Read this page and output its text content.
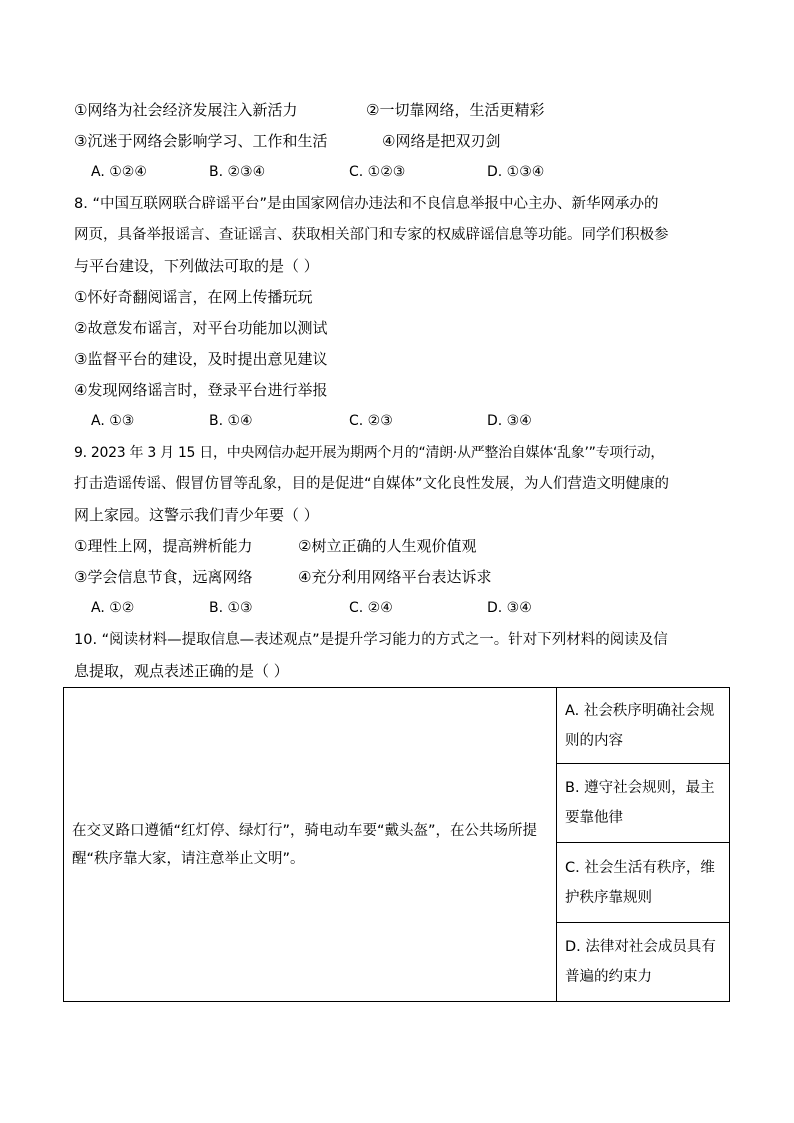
①网络为社会经济发展注入新活力	②一切靠网络，生活更精彩
③沉迷于网络会影响学习、工作和生活	④网络是把双刃剑
A. ①②④	B. ②③④	C. ①②③	D. ①③④
8. “中国互联网联合辟谣平台”是由国家网信办违法和不良信息举报中心主办、新华网承办的
网页，具备举报谣言、查证谣言、获取相关部门和专家的权威辟谣信息等功能。同学们积极参
与平台建设，下列做法可取的是（ ）
①怀好奇翻阅谣言，在网上传播玩玩
②故意发布谣言，对平台功能加以测试
③监督平台的建设，及时提出意见建议
④发现网络谣言时，登录平台进行举报
A. ①③	B. ①④	C. ②③	D. ③④
9. 2023 年 3 月 15 日，中央网信办起开展为期两个月的“清朗·从严整治自媒体‘乱象’”专项行动，
打击造谣传谣、假冒仿冒等乱象，目的是促进“自媒体”文化良性发展，为人们营造文明健康的
网上家园。这警示我们青少年要（ ）
①理性上网，提高辨析能力	②树立正确的人生观价值观
③学会信息节食，远离网络	④充分利用网络平台表达诉求
A. ①②	B. ①③	C. ②④	D. ③④
10. “阅读材料—提取信息—表述观点”是提升学习能力的方式之一。针对下列材料的阅读及信
息提取，观点表述正确的是（ ）
在交叉路口遵循“红灯停、绿灯行”，骑电动车要“戴头盔”，在公共场所提醒“秩序靠大家，请注意举止文明”。	A. 社会秩序明确社会规则的内容
B. 遵守社会规则，最主要靠他律
C. 社会生活有秩序，维护秩序靠规则
D. 法律对社会成员具有普遍的约束力
